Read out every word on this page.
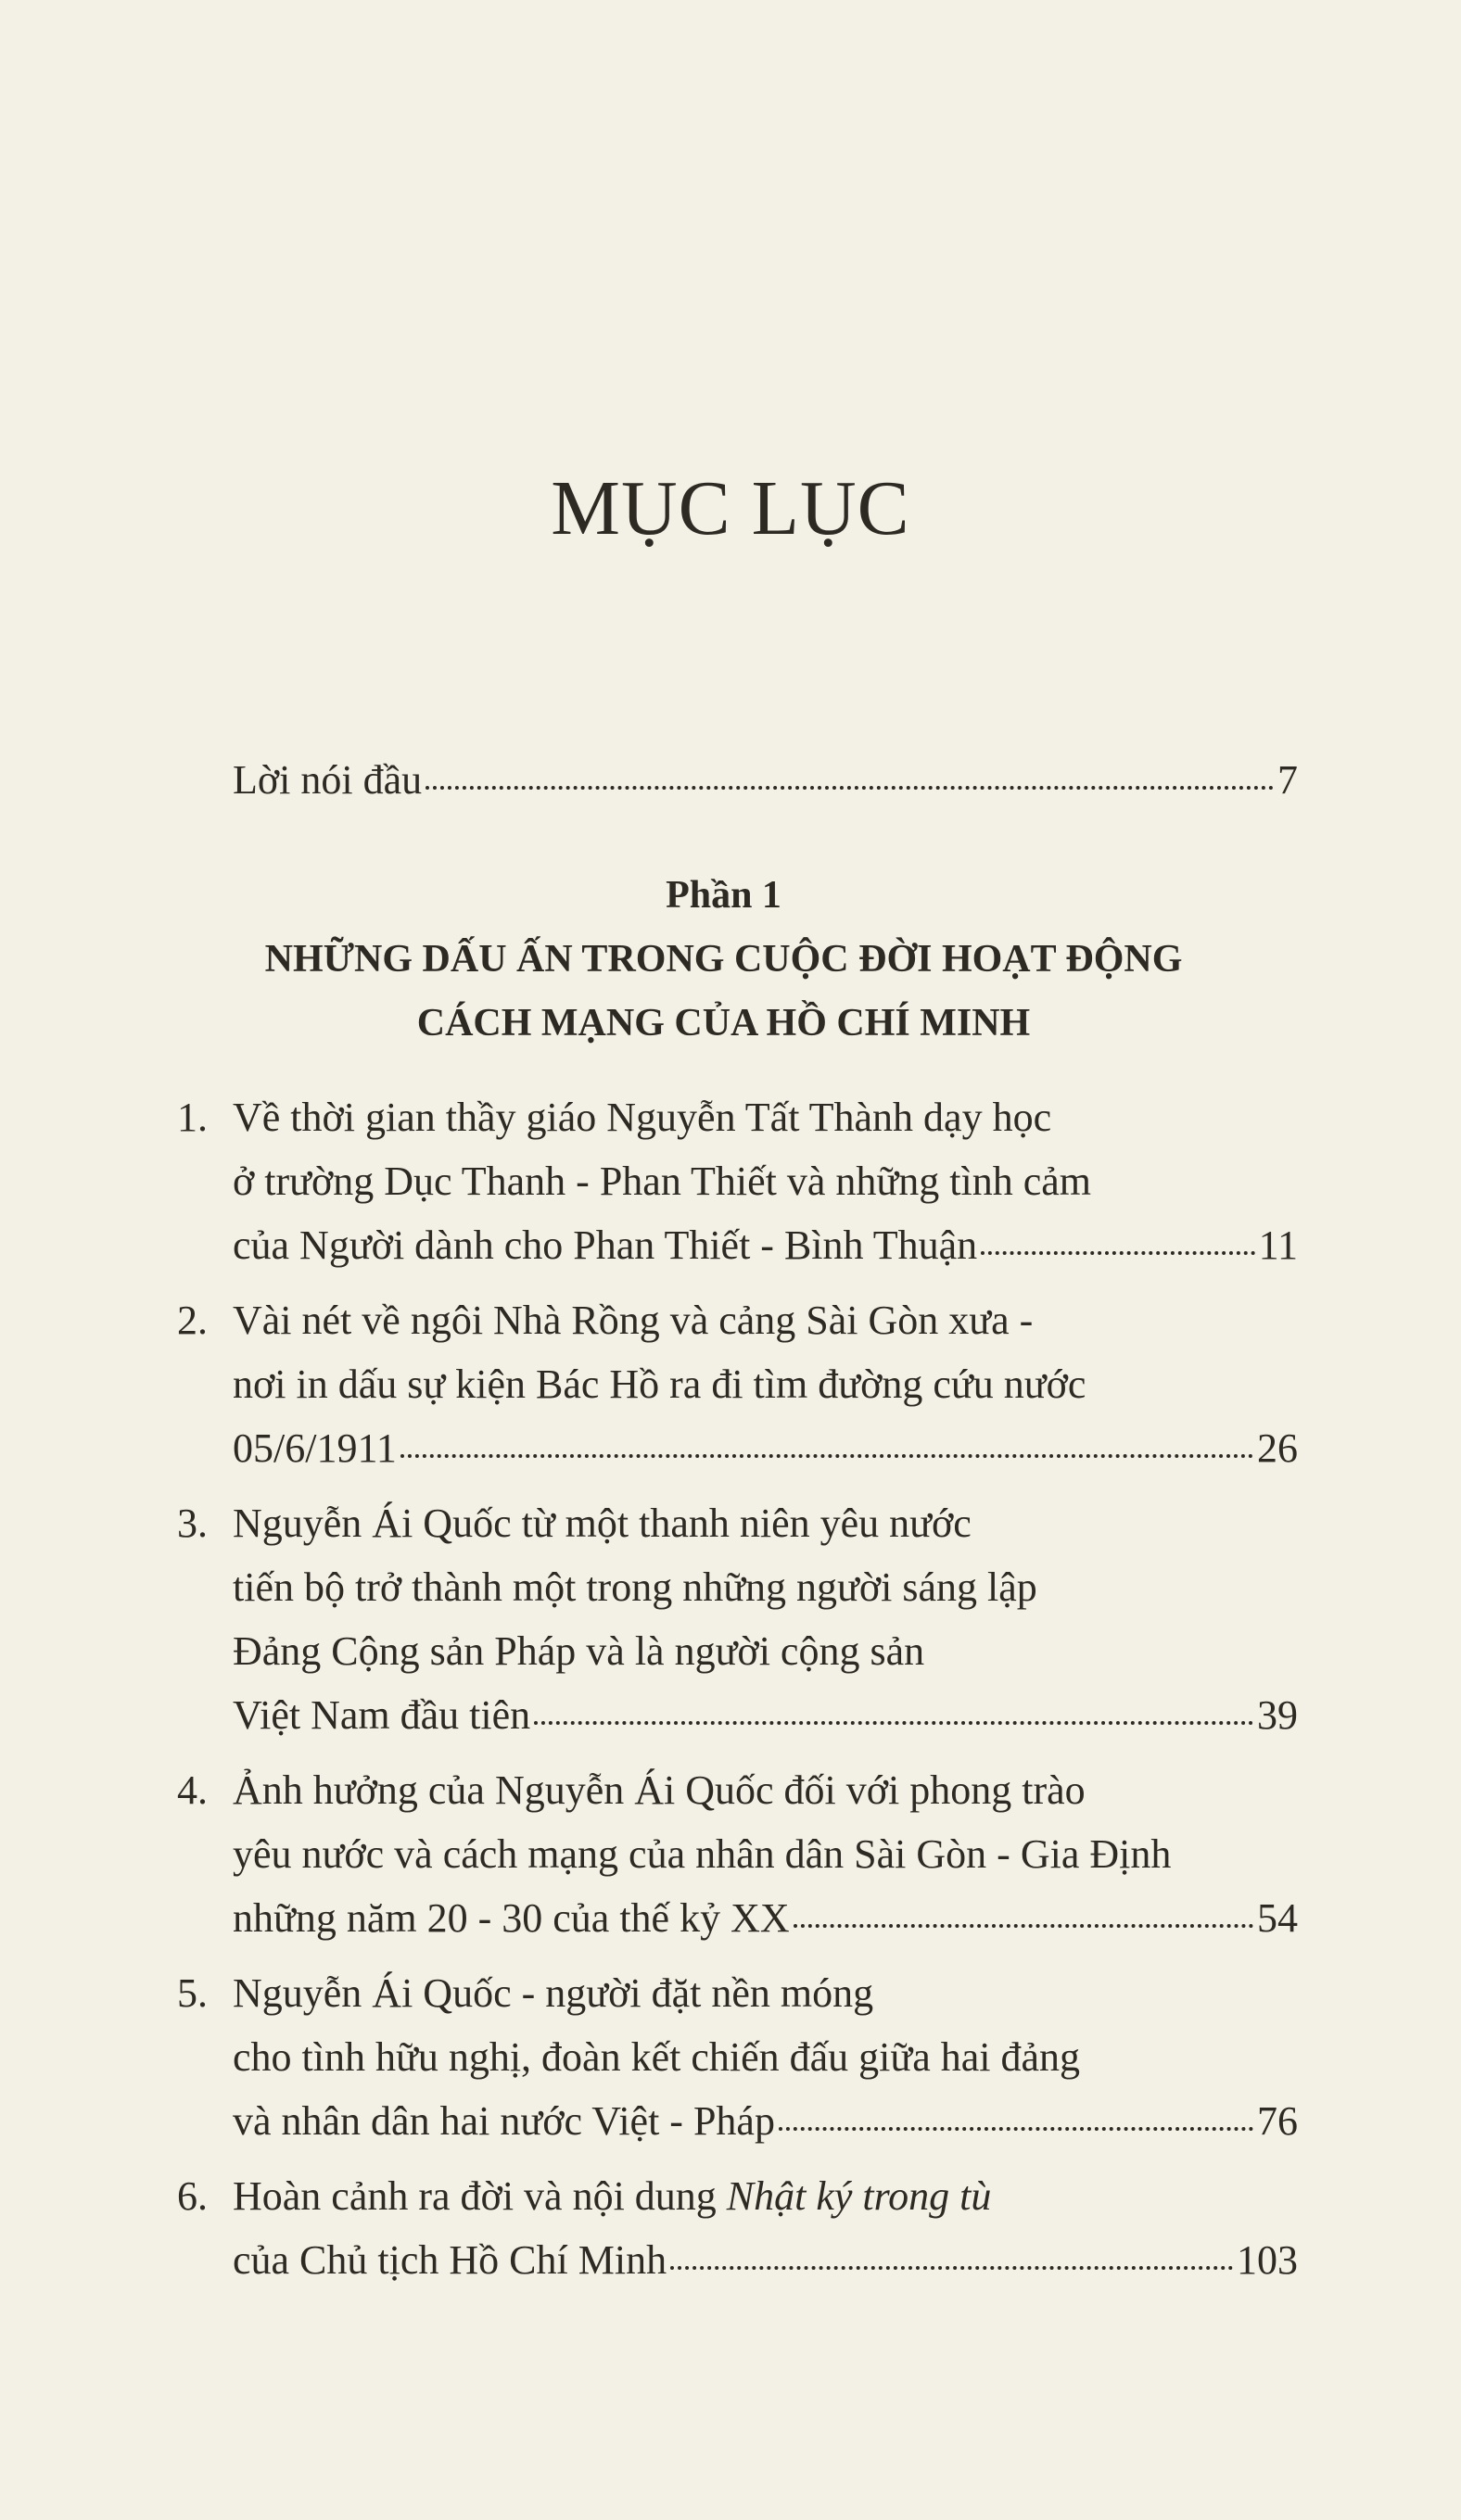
MỤC LỤC
Lời nói đầu	7
Phần 1
NHỮNG DẤU ẤN TRONG CUỘC ĐỜI HOẠT ĐỘNG
CÁCH MẠNG CỦA HỒ CHÍ MINH
1. Về thời gian thầy giáo Nguyễn Tất Thành dạy học
ở trường Dục Thanh - Phan Thiết và những tình cảm
của Người dành cho Phan Thiết - Bình Thuận	11
2. Vài nét về ngôi Nhà Rồng và cảng Sài Gòn xưa -
nơi in dấu sự kiện Bác Hồ ra đi tìm đường cứu nước
05/6/1911	26
3. Nguyễn Ái Quốc từ một thanh niên yêu nước
tiến bộ trở thành một trong những người sáng lập
Đảng Cộng sản Pháp và là người cộng sản
Việt Nam đầu tiên	39
4. Ảnh hưởng của Nguyễn Ái Quốc đối với phong trào
yêu nước và cách mạng của nhân dân Sài Gòn - Gia Định
những năm 20 - 30 của thế kỷ XX	54
5. Nguyễn Ái Quốc - người đặt nền móng
cho tình hữu nghị, đoàn kết chiến đấu giữa hai đảng
và nhân dân hai nước Việt - Pháp	76
6. Hoàn cảnh ra đời và nội dung Nhật ký trong tù
của Chủ tịch Hồ Chí Minh	103
